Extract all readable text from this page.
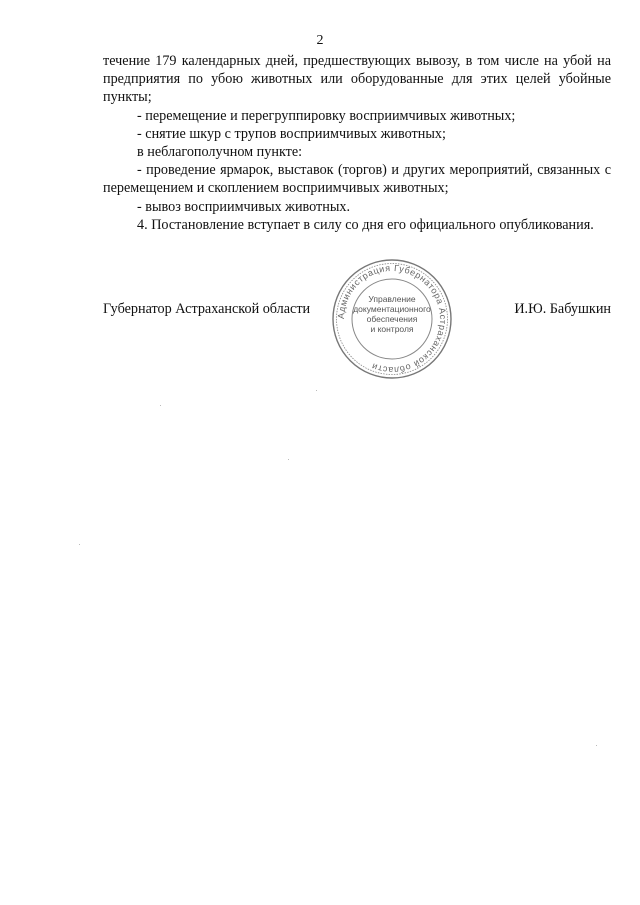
2

течение 179 календарных дней, предшествующих вывозу, в том числе на убой на предприятия по убою животных или оборудованные для этих целей убойные пункты;

- перемещение и перегруппировку восприимчивых животных;

- снятие шкур с трупов восприимчивых животных;

в неблагополучном пункте:

- проведение ярмарок, выставок (торгов) и других мероприятий, связанных с перемещением и скоплением восприимчивых животных;

- вывоз восприимчивых животных.

4. Постановление вступает в силу со дня его официального опубликования.

Губернатор Астраханской области	И.Ю. Бабушкин
Администрация Губернатора Астраханской области
Управление
документационного
обеспечения
и контроля
